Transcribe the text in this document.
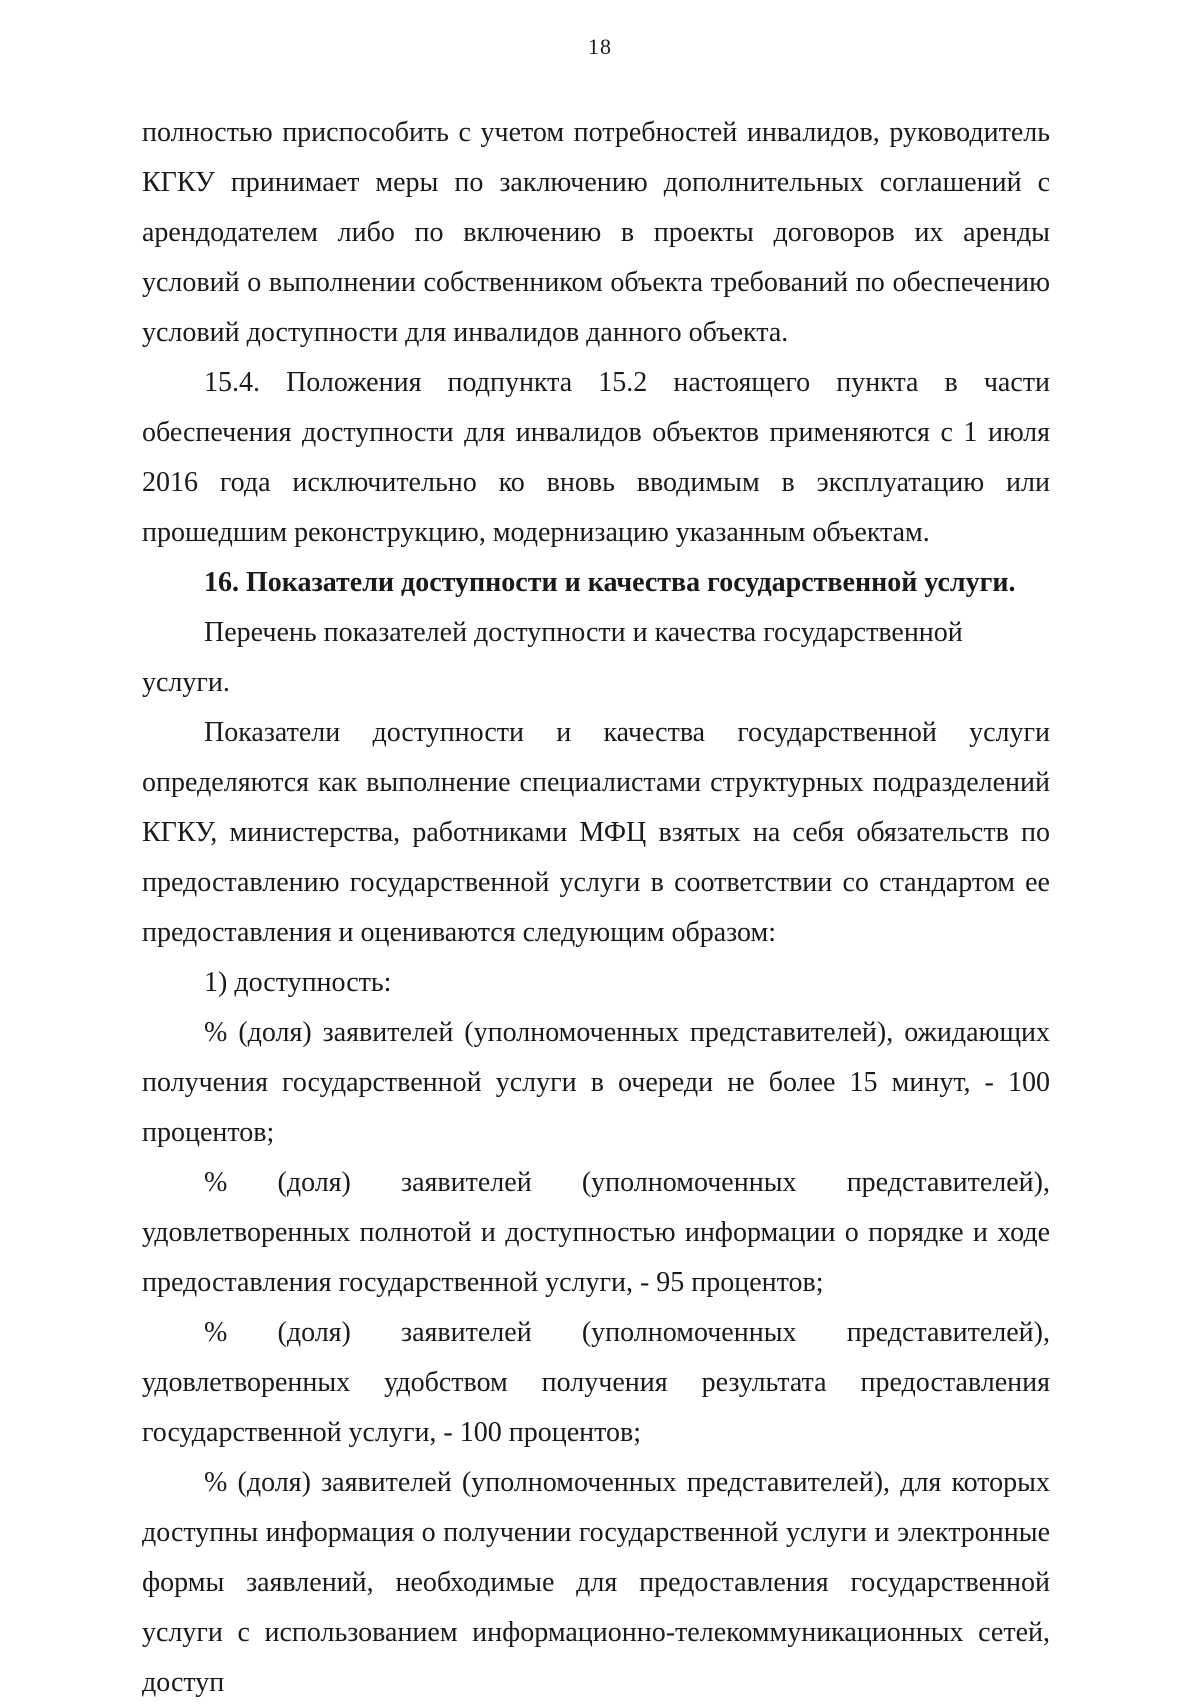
18

полностью приспособить с учетом потребностей инвалидов, руководитель КГКУ принимает меры по заключению дополнительных соглашений с арендодателем либо по включению в проекты договоров их аренды условий о выполнении собственником объекта требований по обеспечению условий доступности для инвалидов данного объекта.

15.4. Положения подпункта 15.2 настоящего пункта в части обеспечения доступности для инвалидов объектов применяются с 1 июля 2016 года исключительно ко вновь вводимым в эксплуатацию или прошедшим реконструкцию, модернизацию указанным объектам.

16. Показатели доступности и качества государственной услуги.

Перечень показателей доступности и качества государственной услуги.

Показатели доступности и качества государственной услуги определяются как выполнение специалистами структурных подразделений КГКУ, министерства, работниками МФЦ взятых на себя обязательств по предоставлению государственной услуги в соответствии со стандартом ее предоставления и оцениваются следующим образом:

1) доступность:

% (доля) заявителей (уполномоченных представителей), ожидающих получения государственной услуги в очереди не более 15 минут, - 100 процентов;

% (доля) заявителей (уполномоченных представителей), удовлетворенных полнотой и доступностью информации о порядке и ходе предоставления государственной услуги, - 95 процентов;

% (доля) заявителей (уполномоченных представителей), удовлетворенных удобством получения результата предоставления государственной услуги, - 100 процентов;

% (доля) заявителей (уполномоченных представителей), для которых доступны информация о получении государственной услуги и электронные формы заявлений, необходимые для предоставления государственной услуги с использованием информационно-телекоммуникационных сетей, доступ
